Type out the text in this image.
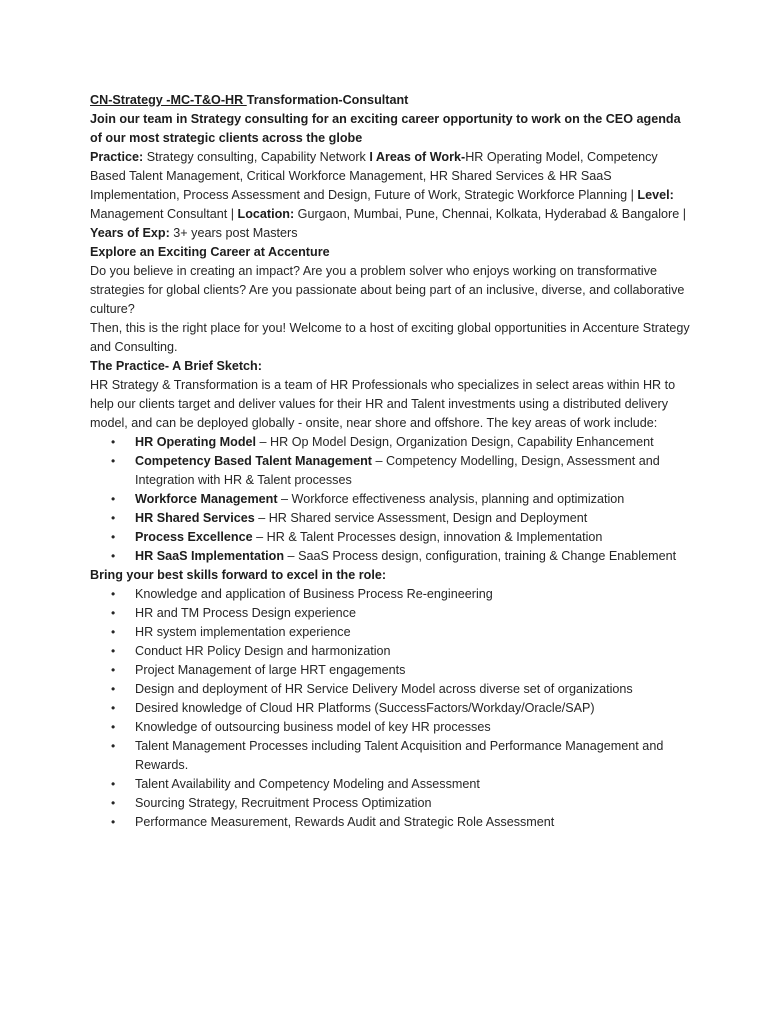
CN-Strategy -MC-T&O-HR Transformation-Consultant

Join our team in Strategy consulting for an exciting career opportunity to work on the CEO agenda of our most strategic clients across the globe

Practice: Strategy consulting, Capability Network I Areas of Work-HR Operating Model, Competency Based Talent Management, Critical Workforce Management, HR Shared Services & HR SaaS Implementation, Process Assessment and Design, Future of Work, Strategic Workforce Planning | Level: Management Consultant | Location: Gurgaon, Mumbai, Pune, Chennai, Kolkata, Hyderabad & Bangalore | Years of Exp: 3+ years post Masters

Explore an Exciting Career at Accenture

Do you believe in creating an impact? Are you a problem solver who enjoys working on transformative strategies for global clients? Are you passionate about being part of an inclusive, diverse, and collaborative culture?

Then, this is the right place for you! Welcome to a host of exciting global opportunities in Accenture Strategy and Consulting.

The Practice- A Brief Sketch:

HR Strategy & Transformation is a team of HR Professionals who specializes in select areas within HR to help our clients target and deliver values for their HR and Talent investments using a distributed delivery model, and can be deployed globally - onsite, near shore and offshore. The key areas of work include:

• HR Operating Model – HR Op Model Design, Organization Design, Capability Enhancement
• Competency Based Talent Management – Competency Modelling, Design, Assessment and Integration with HR & Talent processes
• Workforce Management – Workforce effectiveness analysis, planning and optimization
• HR Shared Services – HR Shared service Assessment, Design and Deployment
• Process Excellence – HR & Talent Processes design, innovation & Implementation
• HR SaaS Implementation – SaaS Process design, configuration, training & Change Enablement

Bring your best skills forward to excel in the role:

• Knowledge and application of Business Process Re-engineering
• HR and TM Process Design experience
• HR system implementation experience
• Conduct HR Policy Design and harmonization
• Project Management of large HRT engagements
• Design and deployment of HR Service Delivery Model across diverse set of organizations
• Desired knowledge of Cloud HR Platforms (SuccessFactors/Workday/Oracle/SAP)
• Knowledge of outsourcing business model of key HR processes
• Talent Management Processes including Talent Acquisition and Performance Management and Rewards.
• Talent Availability and Competency Modeling and Assessment
• Sourcing Strategy, Recruitment Process Optimization
• Performance Measurement, Rewards Audit and Strategic Role Assessment
